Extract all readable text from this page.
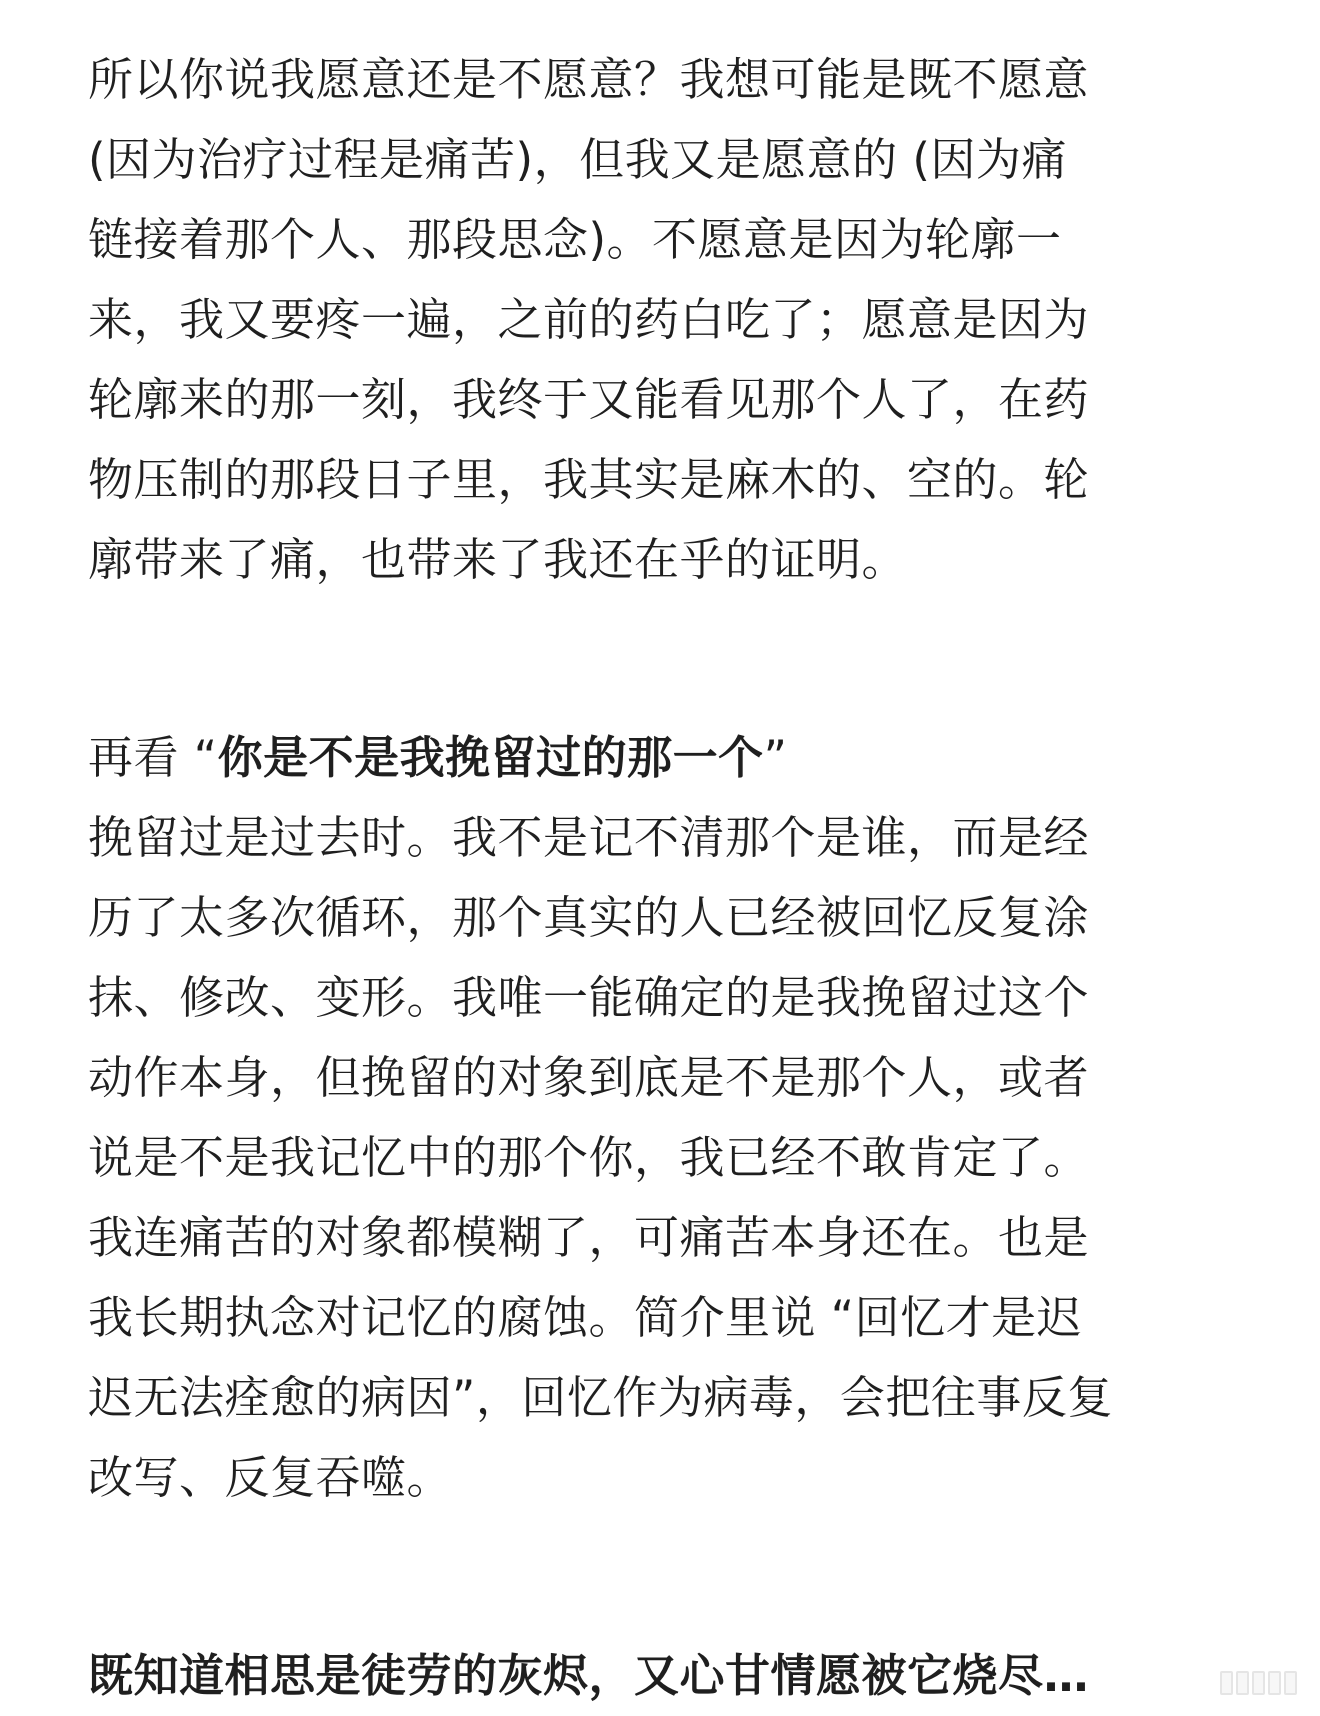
所以你说我愿意还是不愿意？我想可能是既不愿意
(因为治疗过程是痛苦)，但我又是愿意的 (因为痛
链接着那个人、那段思念)。不愿意是因为轮廓一
来，我又要疼一遍，之前的药白吃了；愿意是因为
轮廓来的那一刻，我终于又能看见那个人了，在药
物压制的那段日子里，我其实是麻木的、空的。轮
廓带来了痛，也带来了我还在乎的证明。
再看 “你是不是我挽留过的那一个”
挽留过是过去时。我不是记不清那个是谁，而是经
历了太多次循环，那个真实的人已经被回忆反复涂
抹、修改、变形。我唯一能确定的是我挽留过这个
动作本身，但挽留的对象到底是不是那个人，或者
说是不是我记忆中的那个你，我已经不敢肯定了。
我连痛苦的对象都模糊了，可痛苦本身还在。也是
我长期执念对记忆的腐蚀。简介里说 “回忆才是迟
迟无法痊愈的病因”，回忆作为病毒，会把往事反复
改写、反复吞噬。
既知道相思是徒劳的灰烬，又心甘情愿被它烧尽…
